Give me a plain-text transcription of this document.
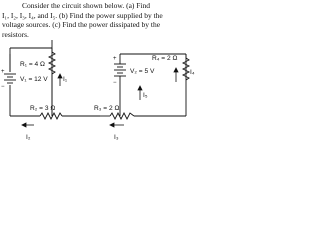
Consider the circuit shown below. (a) Find
I₁, I₂, I₃, I₄, and I₅. (b) Find the power supplied by the
voltage sources. (c) Find the power dissipated by the
resistors.
R₁ = 4 Ω
+
−
V₁ = 12 V I₁
R₂ = 3 Ω	R₃ = 2 Ω
I₂	I₃
+
−
V₂ = 5 V
R₄ = 2 Ω
I₄
I₅
